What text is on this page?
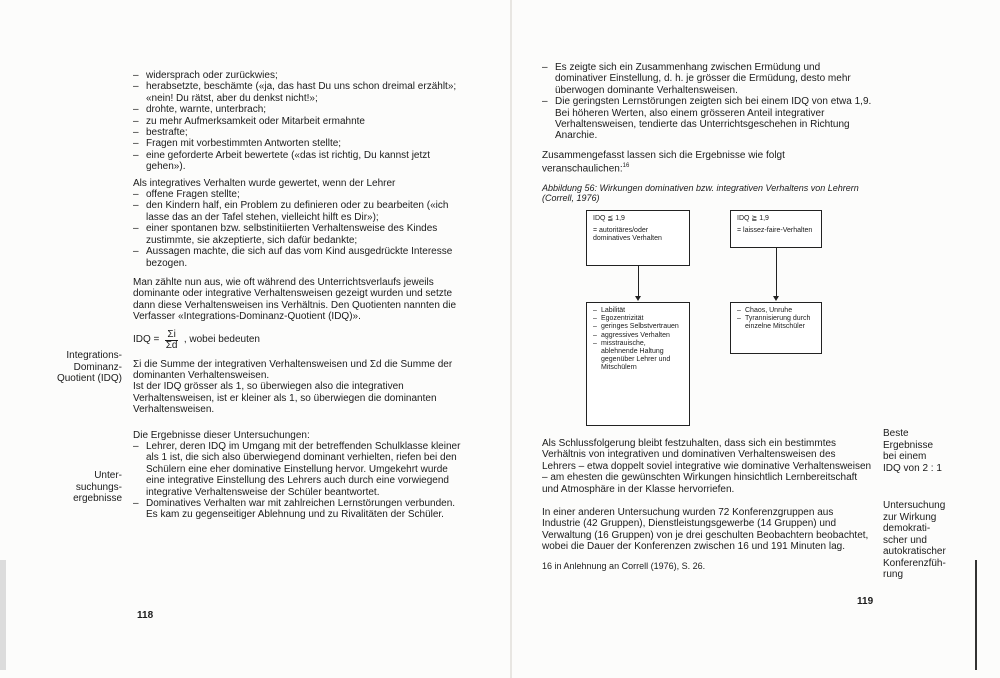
Integrations-
Dominanz-
Quotient (IDQ)
Unter-
suchungs-
ergebnisse
– widersprach oder zurückwies;
– herabsetzte, beschämte («ja, das hast Du uns schon dreimal erzählt»; «nein! Du rätst, aber du denkst nicht!»;
– drohte, warnte, unterbrach;
– zu mehr Aufmerksamkeit oder Mitarbeit ermahnte
– bestrafte;
– Fragen mit vorbestimmten Antworten stellte;
– eine geforderte Arbeit bewertete («das ist richtig, Du kannst jetzt gehen»).

Als integratives Verhalten wurde gewertet, wenn der Lehrer

– offene Fragen stellte;
– den Kindern half, ein Problem zu definieren oder zu bearbeiten («ich lasse das an der Tafel stehen, vielleicht hilft es Dir»);
– einer spontanen bzw. selbstinitiierten Verhaltensweise des Kindes zustimmte, sie akzeptierte, sich dafür bedankte;
– Aussagen machte, die sich auf das vom Kind ausgedrückte Interesse bezogen.

Man zählte nun aus, wie oft während des Unterrichtsverlaufs jeweils dominante oder integrative Verhaltensweisen gezeigt wurden und setzte dann diese Verhaltensweisen ins Verhältnis. Den Quotienten nannten die Verfasser «Integrations-Dominanz-Quotient (IDQ)».

IDQ = $\frac{\Sigma i}{\Sigma d}$ , wobei bedeuten

Σi die Summe der integrativen Verhaltensweisen und Σd die Summe der dominanten Verhaltensweisen.

Ist der IDQ grösser als 1, so überwiegen also die integrativen Verhaltensweisen, ist er kleiner als 1, so überwiegen die dominanten Verhaltensweisen.

Die Ergebnisse dieser Untersuchungen:

– Lehrer, deren IDQ im Umgang mit der betreffenden Schulklasse kleiner als 1 ist, die sich also überwiegend dominant verhielten, riefen bei den Schülern eine eher dominative Einstellung hervor. Umgekehrt wurde eine integrative Einstellung des Lehrers auch durch eine vorwiegend integrative Verhaltensweise der Schüler beantwortet.
– Dominatives Verhalten war mit zahlreichen Lernstörungen verbunden. Es kam zu gegenseitiger Ablehnung und zu Rivalitäten der Schüler.
118
– Es zeigte sich ein Zusammenhang zwischen Ermüdung und dominativer Einstellung, d. h. je grösser die Ermüdung, desto mehr überwogen dominante Verhaltensweisen.
– Die geringsten Lernstörungen zeigten sich bei einem IDQ von etwa 1,9. Bei höheren Werten, also einem grösseren Anteil integrativer Verhaltensweisen, tendierte das Unterrichtsgeschehen in Richtung Anarchie.

Zusammengefasst lassen sich die Ergebnisse wie folgt veranschaulichen:$^{16}$

Abbildung 56: Wirkungen dominativen bzw. integrativen Verhaltens von Lehrern (Correll, 1976)
IDQ ≦ 1,9
= autoritäres/oder dominatives Verhalten
IDQ ≧ 1,9
= laissez-faire-Verhalten
– Labilität
– Egozentrizität
– geringes Selbstvertrauen
– aggressives Verhalten
– misstrauische, ablehnende Haltung gegenüber Lehrer und Mitschülern
– Chaos, Unruhe
– Tyrannisierung durch einzelne Mitschüler

Als Schlussfolgerung bleibt festzuhalten, dass sich ein bestimmtes Verhältnis von integrativen und dominativen Verhaltensweisen des Lehrers – etwa doppelt soviel integrative wie dominative Verhaltensweisen – am ehesten die gewünschten Wirkungen hinsichtlich Lernbereitschaft und Atmosphäre in der Klasse hervorriefen.

In einer anderen Untersuchung wurden 72 Konferenzgruppen aus Industrie (42 Gruppen), Dienstleistungsgewerbe (14 Gruppen) und Verwaltung (16 Gruppen) von je drei geschulten Beobachtern beobachtet, wobei die Dauer der Konferenzen zwischen 16 und 191 Minuten lag.

16 in Anlehnung an Correll (1976), S. 26.

Beste
Ergebnisse
bei einem
IDQ von 2 : 1
Untersuchung
zur Wirkung
demokrati-
scher und
autokratischer
Konferenzfüh-
rung
119
